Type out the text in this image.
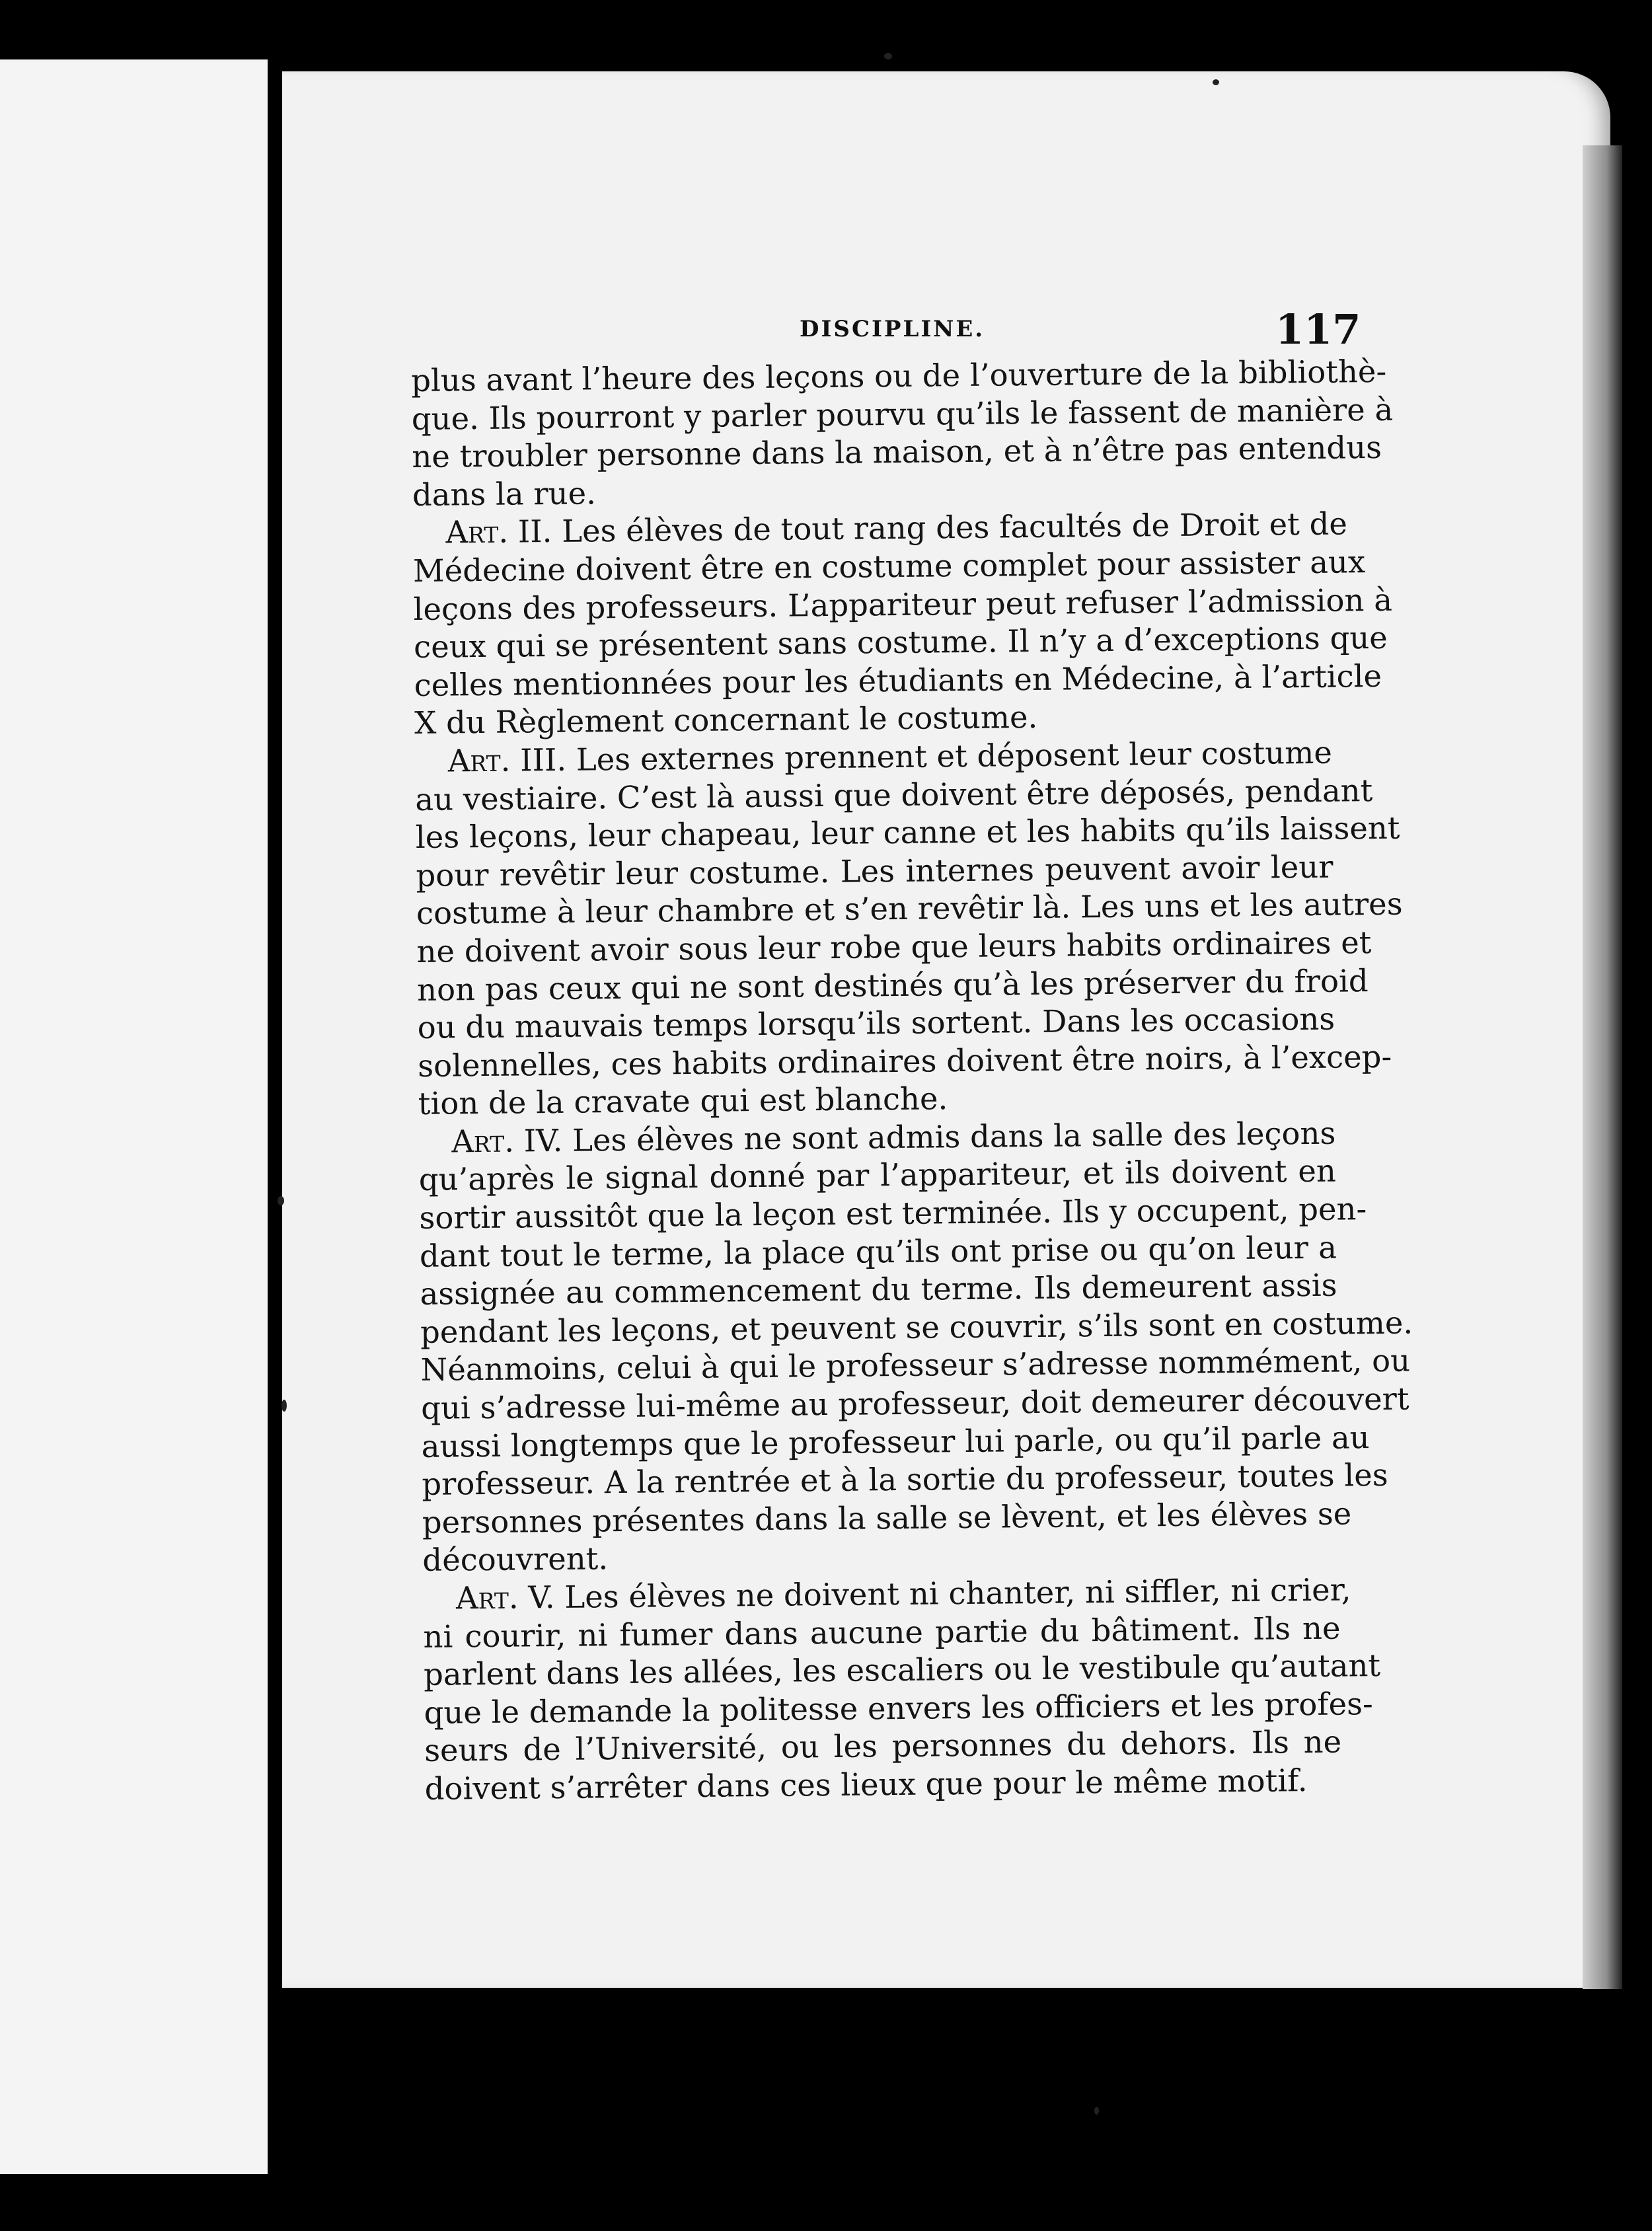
DISCIPLINE.	117
plus avant l’heure des leçons ou de l’ouverture de la bibliothè-
que. Ils pourront y parler pourvu qu’ils le fassent de manière à
ne troubler personne dans la maison, et à n’être pas entendus
dans la rue.
Art. II. Les élèves de tout rang des facultés de Droit et de
Médecine doivent être en costume complet pour assister aux
leçons des professeurs. L’appariteur peut refuser l’admission à
ceux qui se présentent sans costume. Il n’y a d’exceptions que
celles mentionnées pour les étudiants en Médecine, à l’article
X du Règlement concernant le costume.
Art. III. Les externes prennent et déposent leur costume
au vestiaire. C’est là aussi que doivent être déposés, pendant
les leçons, leur chapeau, leur canne et les habits qu’ils laissent
pour revêtir leur costume. Les internes peuvent avoir leur
costume à leur chambre et s’en revêtir là. Les uns et les autres
ne doivent avoir sous leur robe que leurs habits ordinaires et
non pas ceux qui ne sont destinés qu’à les préserver du froid
ou du mauvais temps lorsqu’ils sortent. Dans les occasions
solennelles, ces habits ordinaires doivent être noirs, à l’excep-
tion de la cravate qui est blanche.
Art. IV. Les élèves ne sont admis dans la salle des leçons
qu’après le signal donné par l’appariteur, et ils doivent en
sortir aussitôt que la leçon est terminée. Ils y occupent, pen-
dant tout le terme, la place qu’ils ont prise ou qu’on leur a
assignée au commencement du terme. Ils demeurent assis
pendant les leçons, et peuvent se couvrir, s’ils sont en costume.
Néanmoins, celui à qui le professeur s’adresse nommément, ou
qui s’adresse lui-même au professeur, doit demeurer découvert
aussi longtemps que le professeur lui parle, ou qu’il parle au
professeur. A la rentrée et à la sortie du professeur, toutes les
personnes présentes dans la salle se lèvent, et les élèves se
découvrent.
Art. V. Les élèves ne doivent ni chanter, ni siffler, ni crier,
ni courir, ni fumer dans aucune partie du bâtiment. Ils ne
parlent dans les allées, les escaliers ou le vestibule qu’autant
que le demande la politesse envers les officiers et les profes-
seurs de l’Université, ou les personnes du dehors. Ils ne
doivent s’arrêter dans ces lieux que pour le même motif.
